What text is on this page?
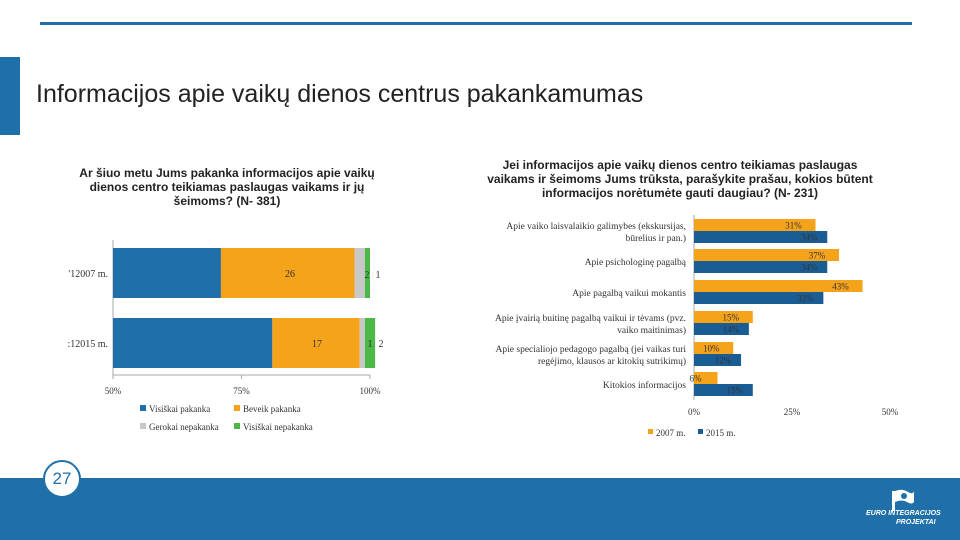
Informacijos apie vaikų dienos centrus pakankamumas
Ar šiuo metu Jums pakanka informacijos apie vaikų dienos centro teikiamas paslaugas vaikams ir jų šeimoms? (N- 381)
Jei informacijos apie vaikų dienos centro teikiamas paslaugas vaikams ir šeimoms Jums trūksta, parašykite prašau, kokios būtent informacijos norėtumėte gauti daugiau? (N- 231)
'12007 m.
:12015 m.
26	2 1
17	1 2
50%	75%	100%
Visiškai pakanka	Beveik pakanka
Gerokai nepakanka	Visiškai nepakanka
Apie vaiko laisvalaikio galimybes (ekskursijas,
būrelius ir pan.)
31%
34%
Apie psichologinę pagalbą
37%
34%
Apie pagalbą vaikui mokantis
43%
33%
Apie įvairią buitinę pagalbą vaikui ir tėvams (pvz.
vaiko maitinimas)
15%
14%
Apie specialiojo pedagogo pagalbą (jei vaikas turi
regėjimo, klausos ar kitokių sutrikimų)
10%
12%
Kitokios informacijos
6%
15%
0%	25%	50%
2007 m. 2015 m.
27
EURO INTEGRACIJOS
PROJEKTAI
